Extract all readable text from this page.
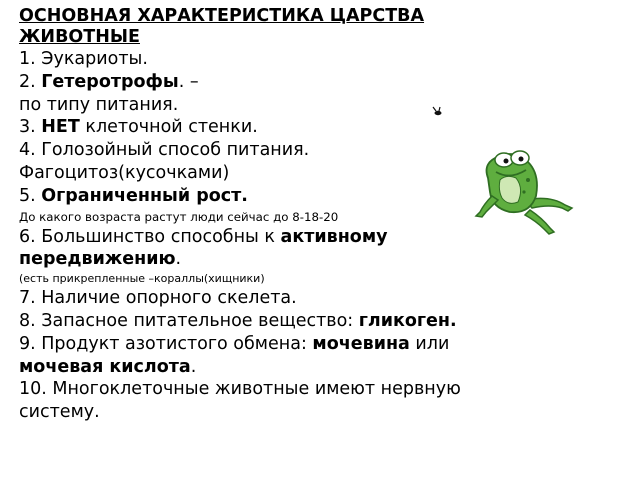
ОСНОВНАЯ ХАРАКТЕРИСТИКА ЦАРСТВА
ЖИВОТНЫЕ
1. Эукариоты.
2. Гетеротрофы. –
по типу питания.
3. НЕТ клеточной стенки.
4. Голозойный способ питания.
Фагоцитоз(кусочками)
5. Ограниченный рост.
До какого возраста растут люди сейчас до 8-18-20
6. Большинство способны к активному
передвижению.
(есть прикрепленные –кораллы(хищники)
7. Наличие опорного скелета.
8. Запасное питательное вещество: гликоген.
9. Продукт азотистого обмена: мочевина или
мочевая кислота.
10. Многоклеточные животные имеют нервную
систему.
